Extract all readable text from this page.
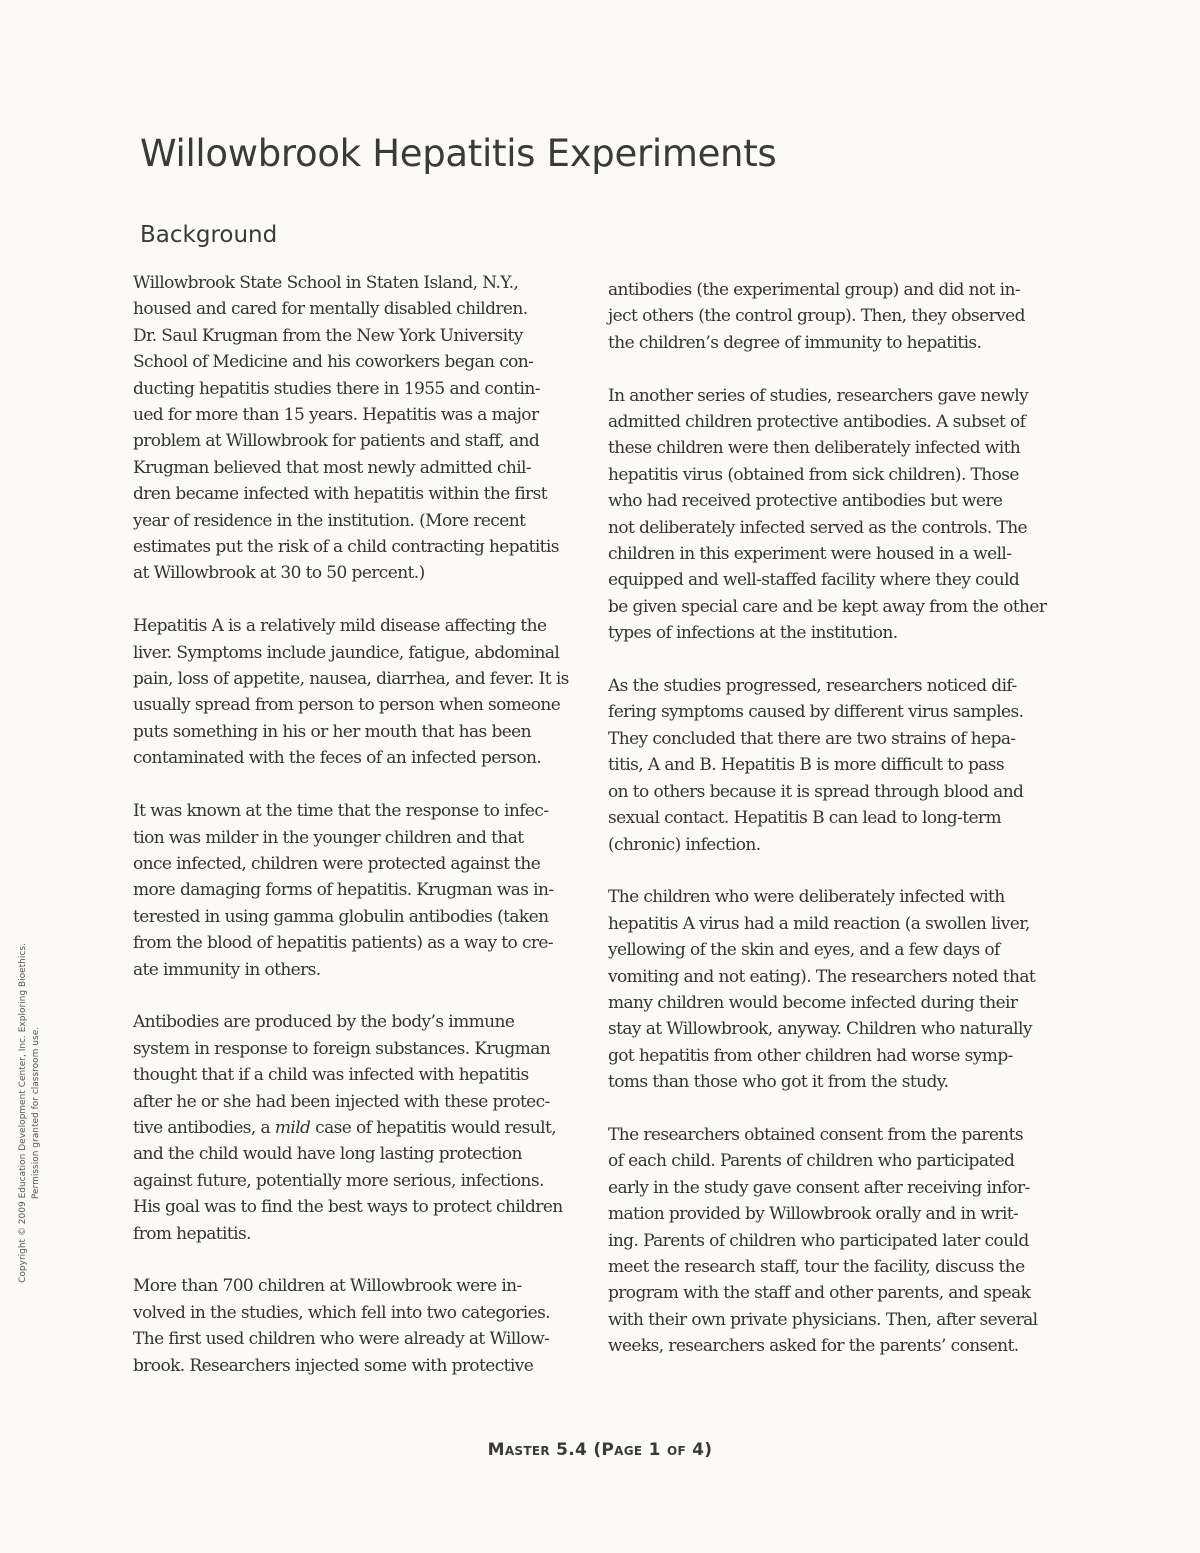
Willowbrook Hepatitis Experiments
Background

Willowbrook State School in Staten Island, N.Y.,
housed and cared for mentally disabled children.
Dr. Saul Krugman from the New York University
School of Medicine and his coworkers began con-
ducting hepatitis studies there in 1955 and contin-
ued for more than 15 years. Hepatitis was a major
problem at Willowbrook for patients and staff, and
Krugman believed that most newly admitted chil-
dren became infected with hepatitis within the first
year of residence in the institution. (More recent
estimates put the risk of a child contracting hepatitis
at Willowbrook at 30 to 50 percent.)

Hepatitis A is a relatively mild disease affecting the
liver. Symptoms include jaundice, fatigue, abdominal
pain, loss of appetite, nausea, diarrhea, and fever. It is
usually spread from person to person when someone
puts something in his or her mouth that has been
contaminated with the feces of an infected person.

It was known at the time that the response to infec-
tion was milder in the younger children and that
once infected, children were protected against the
more damaging forms of hepatitis. Krugman was in-
terested in using gamma globulin antibodies (taken
from the blood of hepatitis patients) as a way to cre-
ate immunity in others.

Antibodies are produced by the body’s immune
system in response to foreign substances. Krugman
thought that if a child was infected with hepatitis
after he or she had been injected with these protec-
tive antibodies, a mild case of hepatitis would result,
and the child would have long lasting protection
against future, potentially more serious, infections.
His goal was to find the best ways to protect children
from hepatitis.

More than 700 children at Willowbrook were in-
volved in the studies, which fell into two categories.
The first used children who were already at Willow-
brook. Researchers injected some with protective

antibodies (the experimental group) and did not in-
ject others (the control group). Then, they observed
the children’s degree of immunity to hepatitis.

In another series of studies, researchers gave newly
admitted children protective antibodies. A subset of
these children were then deliberately infected with
hepatitis virus (obtained from sick children). Those
who had received protective antibodies but were
not deliberately infected served as the controls. The
children in this experiment were housed in a well-
equipped and well-staffed facility where they could
be given special care and be kept away from the other
types of infections at the institution.

As the studies progressed, researchers noticed dif-
fering symptoms caused by different virus samples.
They concluded that there are two strains of hepa-
titis, A and B. Hepatitis B is more difficult to pass
on to others because it is spread through blood and
sexual contact. Hepatitis B can lead to long-term
(chronic) infection.

The children who were deliberately infected with
hepatitis A virus had a mild reaction (a swollen liver,
yellowing of the skin and eyes, and a few days of
vomiting and not eating). The researchers noted that
many children would become infected during their
stay at Willowbrook, anyway. Children who naturally
got hepatitis from other children had worse symp-
toms than those who got it from the study.

The researchers obtained consent from the parents
of each child. Parents of children who participated
early in the study gave consent after receiving infor-
mation provided by Willowbrook orally and in writ-
ing. Parents of children who participated later could
meet the research staff, tour the facility, discuss the
program with the staff and other parents, and speak
with their own private physicians. Then, after several
weeks, researchers asked for the parents’ consent.

Master 5.4 (Page 1 of 4)
Copyright © 2009 Education Development Center, Inc. Exploring Bioethics. Permission granted for classroom use.
